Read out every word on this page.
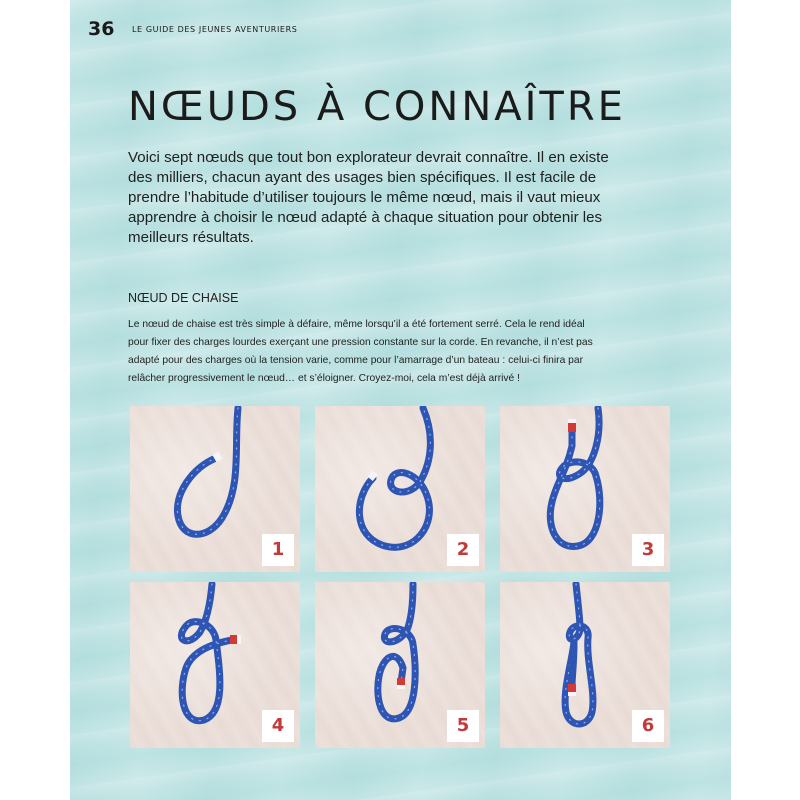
36 LE GUIDE DES JEUNES AVENTURIERS
NŒUDS À CONNAÎTRE
Voici sept nœuds que tout bon explorateur devrait connaître. Il en existe
des milliers, chacun ayant des usages bien spécifiques. Il est facile de
prendre l’habitude d’utiliser toujours le même nœud, mais il vaut mieux
apprendre à choisir le nœud adapté à chaque situation pour obtenir les
meilleurs résultats.
NŒUD DE CHAISE
Le nœud de chaise est très simple à défaire, même lorsqu’il a été fortement serré. Cela le rend idéal
pour fixer des charges lourdes exerçant une pression constante sur la corde. En revanche, il n’est pas
adapté pour des charges où la tension varie, comme pour l’amarrage d’un bateau : celui-ci finira par
relâcher progressivement le nœud… et s’éloigner. Croyez-moi, cela m’est déjà arrivé !
1	2	3
4	5	6
